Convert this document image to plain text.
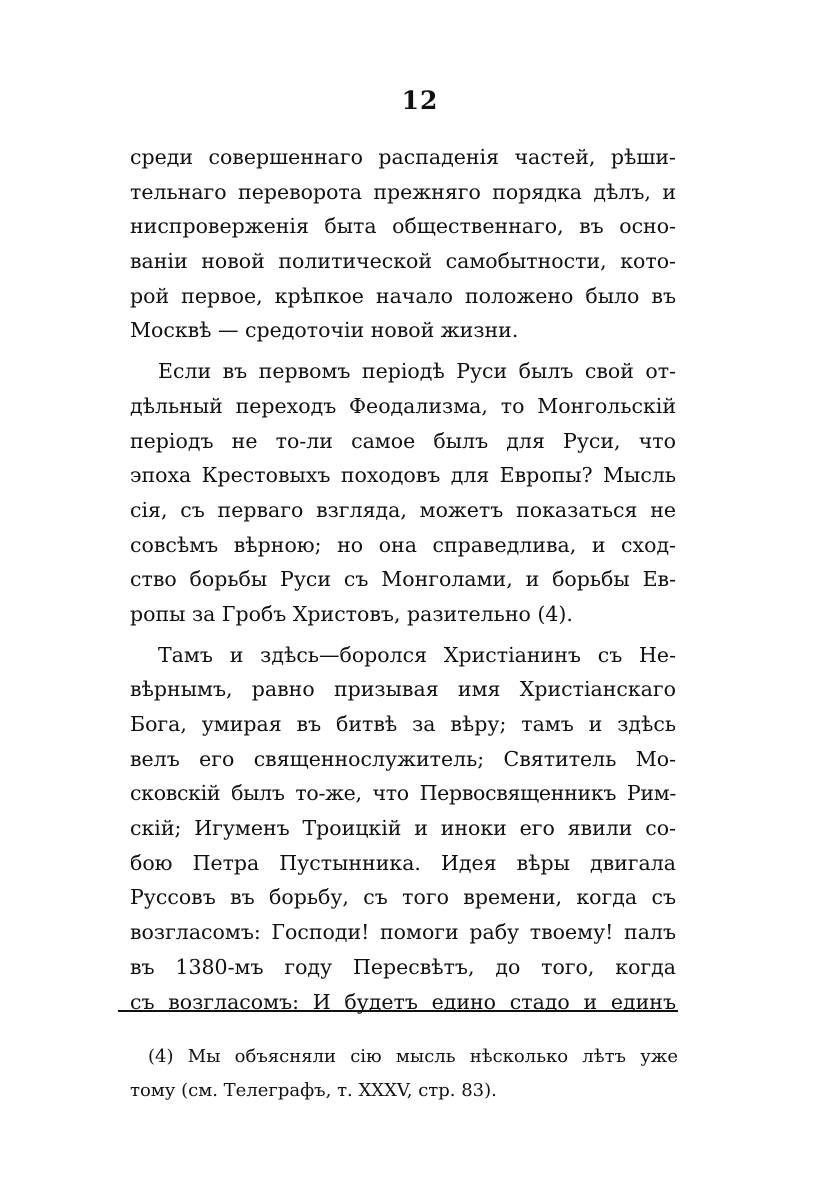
12
среди совершеннаго распаденія частей, рѣши-
тельнаго переворота прежняго порядка дѣлъ, и
ниспроверженія быта общественнаго, въ осно-
ваніи новой политической самобытности, кото-
рой первое, крѣпкое начало положено было въ
Москвѣ — средоточіи новой жизни.
Если въ первомъ періодѣ Руси былъ свой от-
дѣльный переходъ Феодализма, то Монгольскій
періодъ не то-ли самое былъ для Руси, что
эпоха Крестовыхъ походовъ для Европы? Мысль
сія, съ перваго взгляда, можетъ показаться не
совсѣмъ вѣрною; но она справедлива, и сход-
ство борьбы Руси съ Монголами, и борьбы Ев-
ропы за Гробъ Христовъ, разительно (4).
Тамъ и здѣсь—боролся Христіанинъ съ Не-
вѣрнымъ, равно призывая имя Христіанскаго
Бога, умирая въ битвѣ за вѣру; тамъ и здѣсь
велъ его священнослужитель; Святитель Мо-
сковскій былъ то-же, что Первосвященникъ Рим-
скій; Игуменъ Троицкій и иноки его явили со-
бою Петра Пустынника. Идея вѣры двигала
Руссовъ въ борьбу, съ того времени, когда съ
возгласомъ: Господи! помоги рабу твоему! палъ
въ 1380-мъ году Пересвѣтъ, до того, когда
съ возгласомъ: И будетъ едино стадо и единъ
(4) Мы объясняли сію мысль нѣсколько лѣтъ уже
тому (см. Телеграфъ, т. XXXV, стр. 83).
